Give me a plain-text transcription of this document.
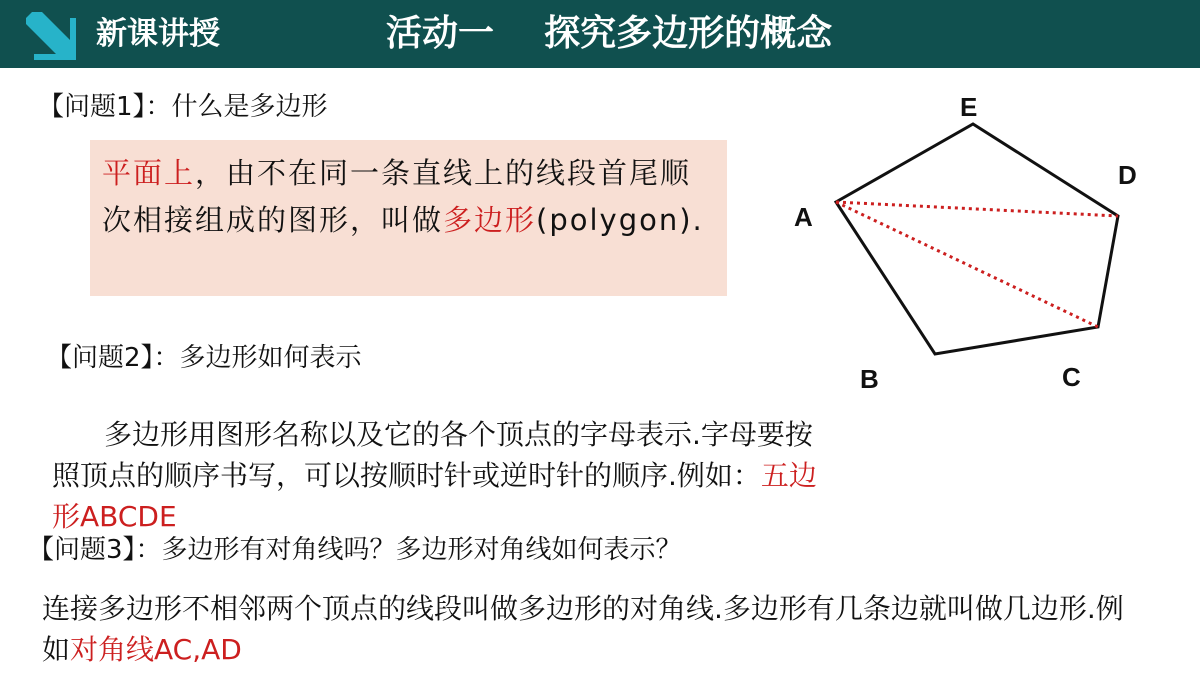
新课讲授	活动一    探究多边形的概念
【问题1】：什么是多边形
平面上，由不在同一条直线上的线段首尾顺次相接组成的图形，叫做多边形(polygon).
【问题2】：多边形如何表示
多边形用图形名称以及它的各个顶点的字母表示.字母要按照顶点的顺序书写，可以按顺时针或逆时针的顺序.例如：五边形ABCDE
【问题3】：多边形有对角线吗？多边形对角线如何表示？
连接多边形不相邻两个顶点的线段叫做多边形的对角线.多边形有几条边就叫做几边形.例如对角线AC,AD
A
B	C
D
E
